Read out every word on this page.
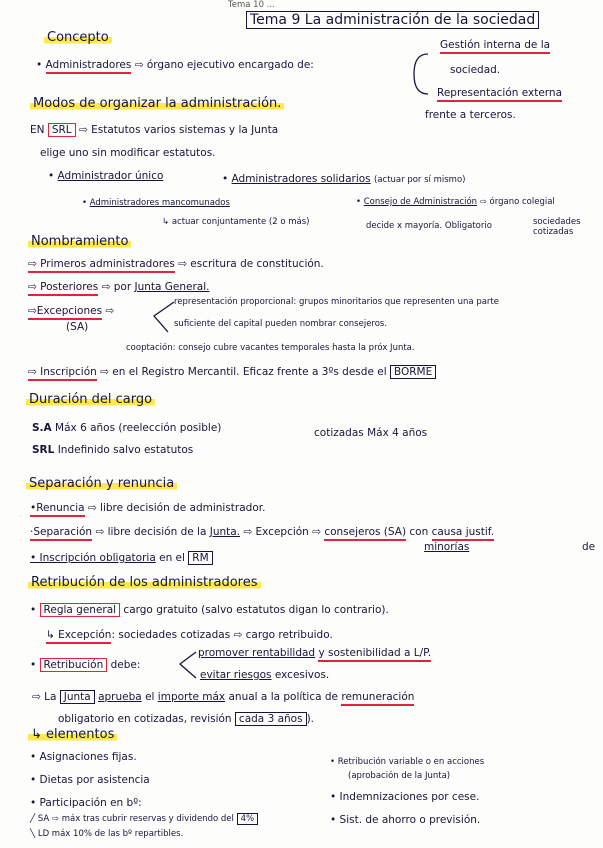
Tema 10 ...
Tema 9 La administración de la sociedad
Concepto
• Administradores ⇨ órgano ejecutivo encargado de:
Gestión interna de la
sociedad.
Representación externa
frente a terceros.
Modos de organizar la administración.
EN SRL ⇨ Estatutos varios sistemas y la Junta
elige uno sin modificar estatutos.
• Administrador único	• Administradores solidarios (actuar por sí mismo)
• Administradores mancomunados
↳ actuar conjuntamente (2 o más)
• Consejo de Administración ⇨ órgano colegial
decide x mayoría. Obligatorio	sociedades
cotizadas
Nombramiento
⇨ Primeros administradores ⇨ escritura de constitución.
⇨ Posteriores ⇨ por Junta General.
⇨Excepciones ⇨
(SA)
representación proporcional: grupos minoritarios que representen una parte
suficiente del capital pueden nombrar consejeros.
cooptación: consejo cubre vacantes temporales hasta la próx Junta.
⇨ Inscripción ⇨ en el Registro Mercantil. Eficaz frente a 3ºs desde el BORME
Duración del cargo
S.A Máx 6 años (reelección posible)	cotizadas Máx 4 años
SRL Indefinido salvo estatutos
Separación y renuncia
•Renuncia ⇨ libre decisión de administrador.
·Separación ⇨ libre decisión de la Junta. ⇨ Excepción ⇨ consejeros (SA) con causa justif.
minorías	de
• Inscripción obligatoria en el RM
Retribución de los administradores
• Regla general cargo gratuito (salvo estatutos digan lo contrario).
↳ Excepción: sociedades cotizadas ⇨ cargo retribuido.
• Retribución debe:
promover rentabilidad y sostenibilidad a L/P.
evitar riesgos excesivos.
⇨ La Junta aprueba el importe máx anual a la política de remuneración
obligatorio en cotizadas, revisión cada 3 años ).
↳ elementos
• Asignaciones fijas.
• Dietas por asistencia
• Participación en bº:
╱ SA ⇨ máx tras cubrir reservas y dividendo del 4%
╲ LD máx 10% de las bº repartibles.
• Retribución variable o en acciones
(aprobación de la Junta)
• Indemnizaciones por cese.
• Sist. de ahorro o previsión.
